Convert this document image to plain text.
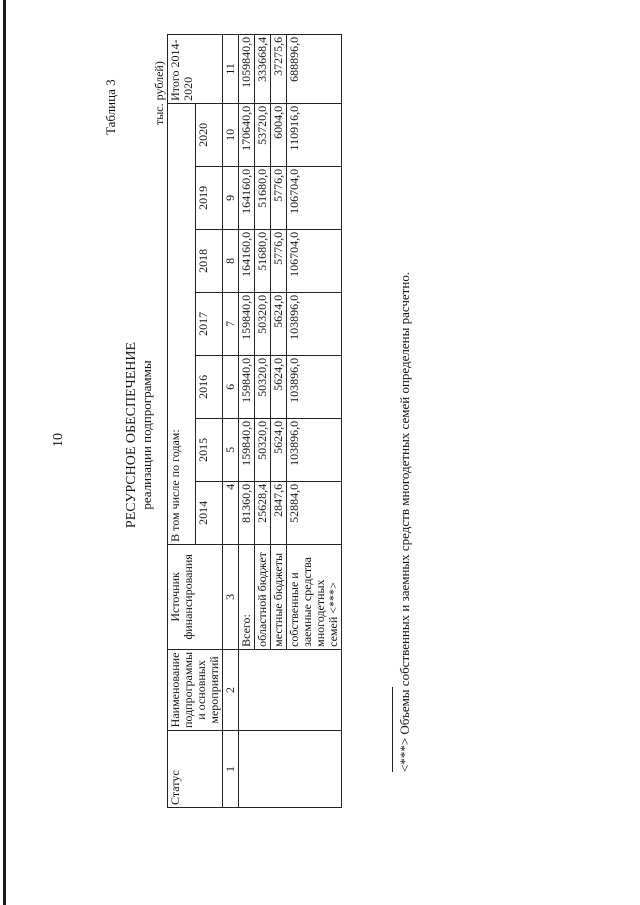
10
Таблица 3
РЕСУРСНОЕ ОБЕСПЕЧЕНИЕ реализации подпрограммы
тыс. рублей)
Статус	Наименование подпрограммы и основных мероприятий	Источник финансирования	В том числе по годам:							Итого 2014-2020
			2014	2015	2016	2017	2018	2019	2020	
1	2	3	4	5	6	7	8	9	10	11
		Всего:	81360,0	159840,0	159840,0	159840,0	164160,0	164160,0	170640,0	1059840,0
		областной бюджет	25628,4	50320,0	50320,0	50320,0	51680,0	51680,0	53720,0	333668,4
		местные бюджеты	2847,6	5624,0	5624,0	5624,0	5776,0	5776,0	6004,0	37275,6
		собственные и заемные средства многодетных семей <***>	52884,0	103896,0	103896,0	103896,0	106704,0	106704,0	110916,0	688896,0
<***> Объемы собственных и заемных средств многодетных семей определены расчетно.
